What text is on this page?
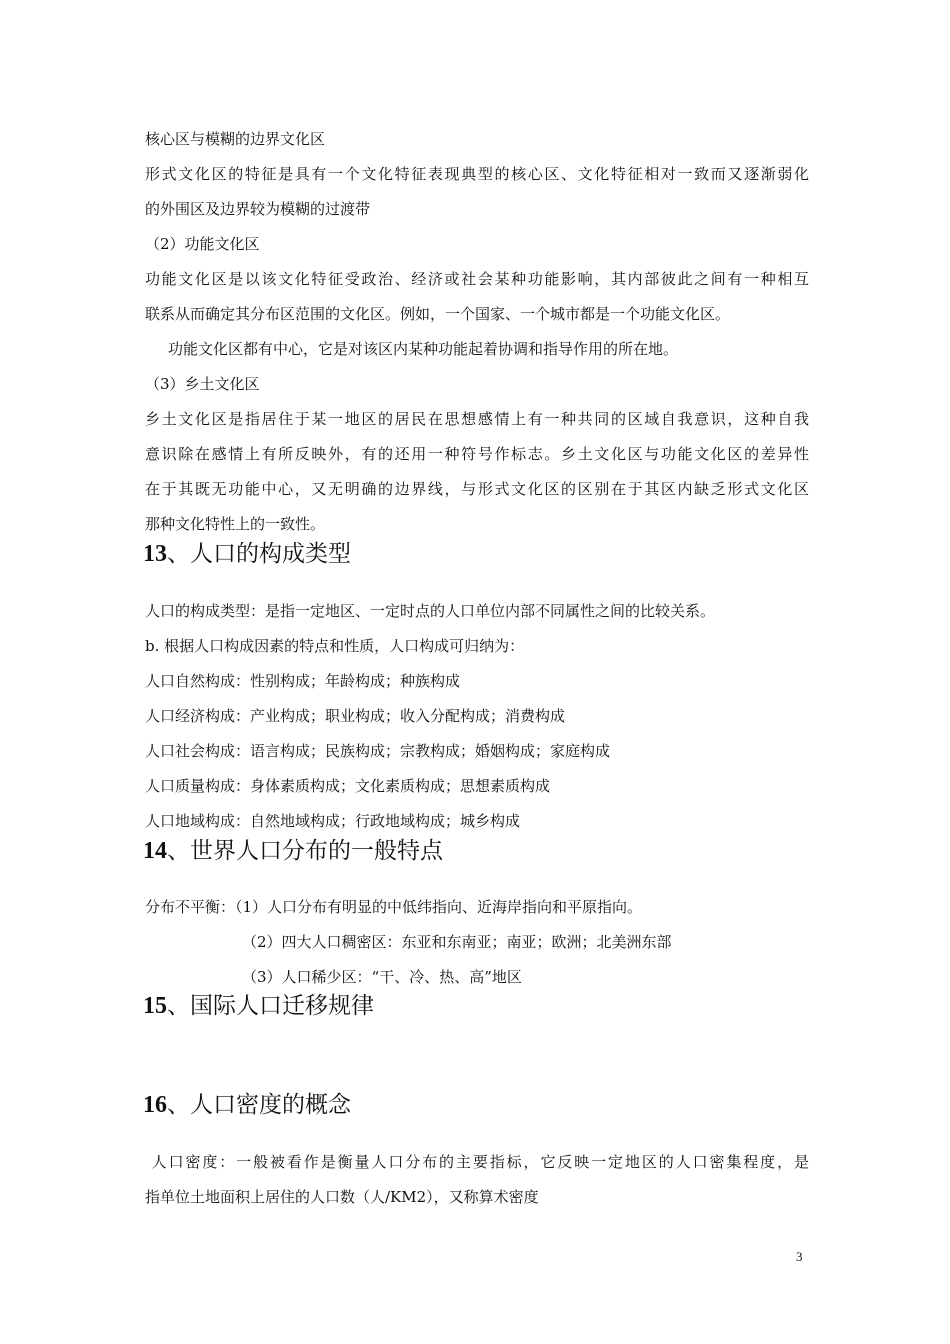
核心区与模糊的边界文化区
形式文化区的特征是具有一个文化特征表现典型的核心区、文化特征相对一致而又逐渐弱化
的外围区及边界较为模糊的过渡带
（2）功能文化区
功能文化区是以该文化特征受政治、经济或社会某种功能影响，其内部彼此之间有一种相互
联系从而确定其分布区范围的文化区。例如，一个国家、一个城市都是一个功能文化区。
功能文化区都有中心，它是对该区内某种功能起着协调和指导作用的所在地。
（3）乡土文化区
乡土文化区是指居住于某一地区的居民在思想感情上有一种共同的区域自我意识，这种自我
意识除在感情上有所反映外，有的还用一种符号作标志。乡土文化区与功能文化区的差异性
在于其既无功能中心，又无明确的边界线，与形式文化区的区别在于其区内缺乏形式文化区
那种文化特性上的一致性。
13、人口的构成类型
人口的构成类型：是指一定地区、一定时点的人口单位内部不同属性之间的比较关系。
b. 根据人口构成因素的特点和性质，人口构成可归纳为：
人口自然构成：性别构成；年龄构成；种族构成
人口经济构成：产业构成；职业构成；收入分配构成；消费构成
人口社会构成：语言构成；民族构成；宗教构成；婚姻构成；家庭构成
人口质量构成：身体素质构成；文化素质构成；思想素质构成
人口地域构成：自然地域构成；行政地域构成；城乡构成
14、世界人口分布的一般特点
分布不平衡：（1）人口分布有明显的中低纬指向、近海岸指向和平原指向。
（2）四大人口稠密区：东亚和东南亚；南亚；欧洲；北美洲东部
（3）人口稀少区：“干、冷、热、高”地区
15、国际人口迁移规律
16、人口密度的概念
人口密度：一般被看作是衡量人口分布的主要指标，它反映一定地区的人口密集程度，是
指单位土地面积上居住的人口数（人/KM2），又称算术密度
3
